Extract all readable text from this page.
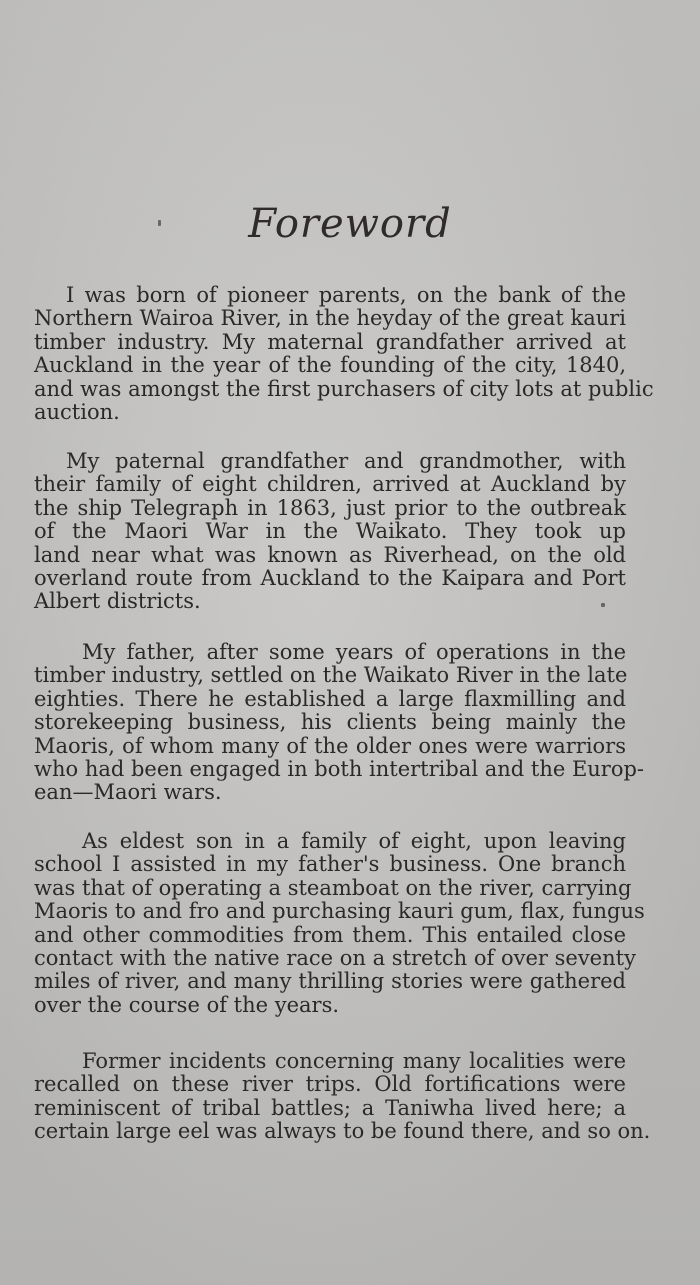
Foreword
I was born of pioneer parents, on the bank of the
Northern Wairoa River, in the heyday of the great kauri
timber industry. My maternal grandfather arrived at
Auckland in the year of the founding of the city, 1840,
and was amongst the first purchasers of city lots at public
auction.
My paternal grandfather and grandmother, with
their family of eight children, arrived at Auckland by
the ship Telegraph in 1863, just prior to the outbreak
of the Maori War in the Waikato. They took up
land near what was known as Riverhead, on the old
overland route from Auckland to the Kaipara and Port
Albert districts.
My father, after some years of operations in the
timber industry, settled on the Waikato River in the late
eighties. There he established a large flaxmilling and
storekeeping business, his clients being mainly the
Maoris, of whom many of the older ones were warriors
who had been engaged in both intertribal and the Europ-
ean—Maori wars.
As eldest son in a family of eight, upon leaving
school I assisted in my father's business. One branch
was that of operating a steamboat on the river, carrying
Maoris to and fro and purchasing kauri gum, flax, fungus
and other commodities from them. This entailed close
contact with the native race on a stretch of over seventy
miles of river, and many thrilling stories were gathered
over the course of the years.
Former incidents concerning many localities were
recalled on these river trips. Old fortifications were
reminiscent of tribal battles; a Taniwha lived here; a
certain large eel was always to be found there, and so on.
